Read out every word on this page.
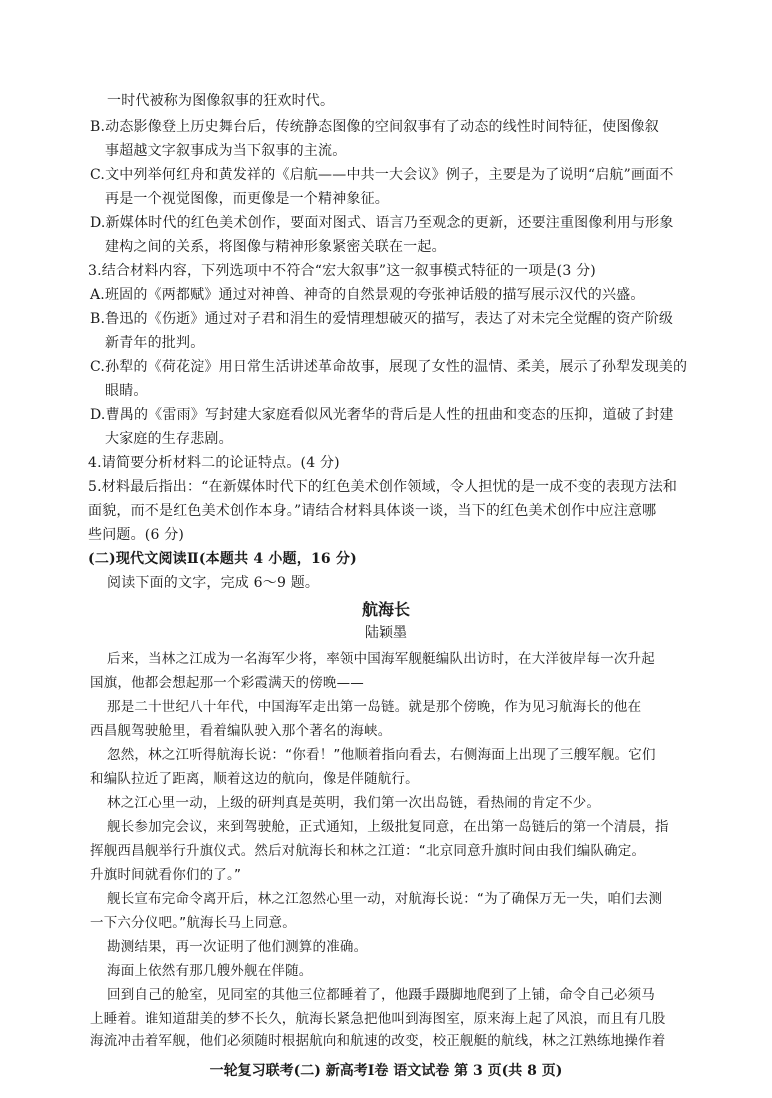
一时代被称为图像叙事的狂欢时代。
B.动态影像登上历史舞台后，传统静态图像的空间叙事有了动态的线性时间特征，使图像叙
事超越文字叙事成为当下叙事的主流。
C.文中列举何红舟和黄发祥的《启航——中共一大会议》例子，主要是为了说明“启航”画面不
再是一个视觉图像，而更像是一个精神象征。
D.新媒体时代的红色美术创作，要面对图式、语言乃至观念的更新，还要注重图像利用与形象
建构之间的关系，将图像与精神形象紧密关联在一起。
3.结合材料内容，下列选项中不符合“宏大叙事”这一叙事模式特征的一项是(3 分)
A.班固的《两都赋》通过对神兽、神奇的自然景观的夸张神话般的描写展示汉代的兴盛。
B.鲁迅的《伤逝》通过对子君和涓生的爱情理想破灭的描写，表达了对未完全觉醒的资产阶级
新青年的批判。
C.孙犁的《荷花淀》用日常生活讲述革命故事，展现了女性的温情、柔美，展示了孙犁发现美的
眼睛。
D.曹禺的《雷雨》写封建大家庭看似风光奢华的背后是人性的扭曲和变态的压抑，道破了封建
大家庭的生存悲剧。
4.请简要分析材料二的论证特点。(4 分)
5.材料最后指出：“在新媒体时代下的红色美术创作领域，令人担忧的是一成不变的表现方法和
面貌，而不是红色美术创作本身。”请结合材料具体谈一谈，当下的红色美术创作中应注意哪
些问题。(6 分)
(二)现代文阅读Ⅱ(本题共 4 小题，16 分)
阅读下面的文字，完成 6～9 题。
航海长
陆颖墨
后来，当林之江成为一名海军少将，率领中国海军舰艇编队出访时，在大洋彼岸每一次升起
国旗，他都会想起那一个彩霞满天的傍晚——
那是二十世纪八十年代，中国海军走出第一岛链。就是那个傍晚，作为见习航海长的他在
西昌舰驾驶舱里，看着编队驶入那个著名的海峡。
忽然，林之江听得航海长说：“你看！”他顺着指向看去，右侧海面上出现了三艘军舰。它们
和编队拉近了距离，顺着这边的航向，像是伴随航行。
林之江心里一动，上级的研判真是英明，我们第一次出岛链，看热闹的肯定不少。
舰长参加完会议，来到驾驶舱，正式通知，上级批复同意，在出第一岛链后的第一个清晨，指
挥舰西昌舰举行升旗仪式。然后对航海长和林之江道：“北京同意升旗时间由我们编队确定。
升旗时间就看你们的了。”
舰长宣布完命令离开后，林之江忽然心里一动，对航海长说：“为了确保万无一失，咱们去测
一下六分仪吧。”航海长马上同意。
勘测结果，再一次证明了他们测算的准确。
海面上依然有那几艘外舰在伴随。
回到自己的舱室，见同室的其他三位都睡着了，他蹑手蹑脚地爬到了上铺，命令自己必须马
上睡着。谁知道甜美的梦不长久，航海长紧急把他叫到海图室，原来海上起了风浪，而且有几股
海流冲击着军舰，他们必须随时根据航向和航速的改变，校正舰艇的航线，林之江熟练地操作着
一轮复习联考(二) 新高考Ⅰ卷 语文试卷 第 3 页(共 8 页)
